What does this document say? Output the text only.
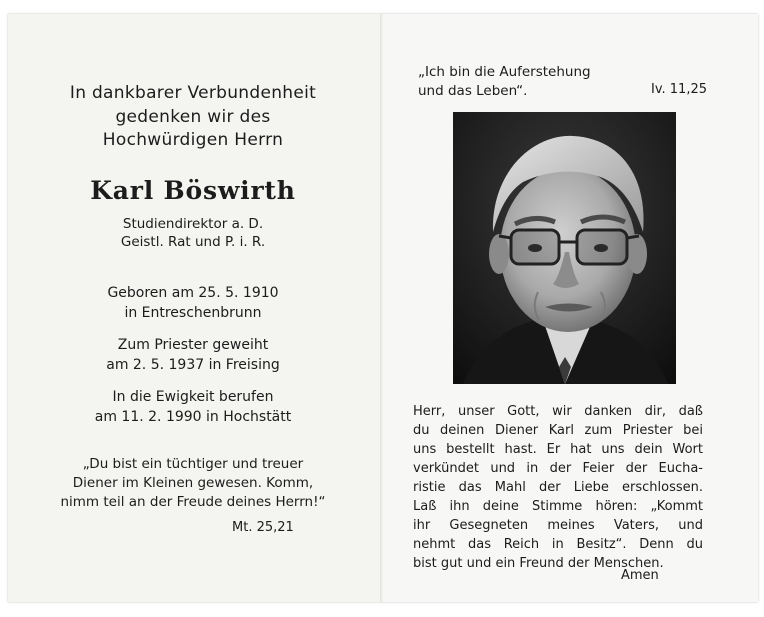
In dankbarer Verbundenheit
gedenken wir des
Hochwürdigen Herrn
Karl Böswirth
Studiendirektor a. D.
Geistl. Rat und P. i. R.
Geboren am 25. 5. 1910
in Entreschenbrunn
Zum Priester geweiht
am 2. 5. 1937 in Freising
In die Ewigkeit berufen
am 11. 2. 1990 in Hochstätt
„Du bist ein tüchtiger und treuer
Diener im Kleinen gewesen. Komm,
nimm teil an der Freude deines Herrn!“
Mt. 25,21
„Ich bin die Auferstehung
und das Leben“.	Iv. 11,25
Herr, unser Gott, wir danken dir, daß
du deinen Diener Karl zum Priester bei
uns bestellt hast. Er hat uns dein Wort
verkündet und in der Feier der Eucha-
ristie das Mahl der Liebe erschlossen.
Laß ihn deine Stimme hören: „Kommt
ihr Gesegneten meines Vaters, und
nehmt das Reich in Besitz“. Denn du
bist gut und ein Freund der Menschen.
Amen
